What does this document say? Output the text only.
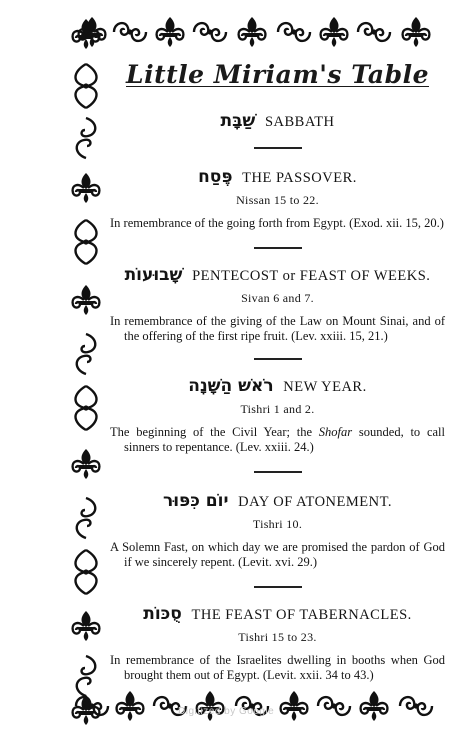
Little Miriam's Table

שַׁבָּת SABBATH

פֶּסַח THE PASSOVER.

Nissan 15 to 22.

In remembrance of the going forth from Egypt. (Exod. xii. 15, 20.)

שָׁבוּעוֹת PENTECOST or FEAST OF WEEKS.

Sivan 6 and 7.

In remembrance of the giving of the Law on Mount Sinai, and of the offering of the first ripe fruit. (Lev. xxiii. 15, 21.)

רֹאשׁ הַשָּׁנָה NEW YEAR.

Tishri 1 and 2.

The beginning of the Civil Year; the Shofar sounded, to call sinners to repentance. (Lev. xxiii. 24.)

יוֹם כִּפּוּר DAY OF ATONEMENT.

Tishri 10.

A Solemn Fast, on which day we are promised the pardon of God if we sincerely repent. (Levit. xvi. 29.)

סֻכּוֹת THE FEAST OF TABERNACLES.

Tishri 15 to 23.

In remembrance of the Israelites dwelling in booths when God brought them out of Egypt. (Levit. xxii. 34 to 43.)

Digitized by Google
